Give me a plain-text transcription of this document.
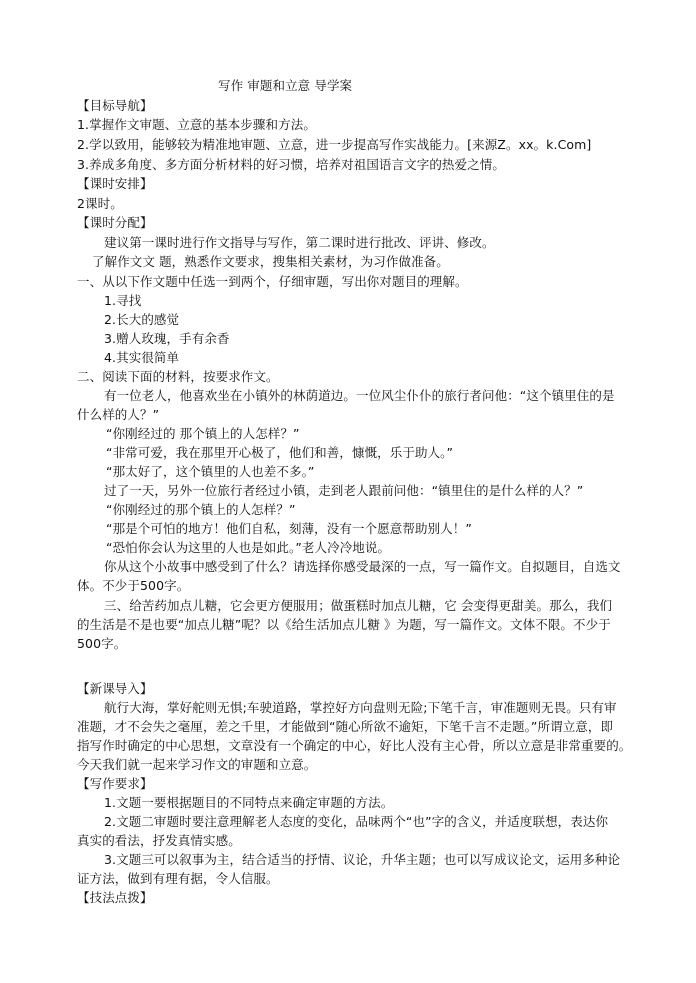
写作 审题和立意 导学案
【目标导航】
1.掌握作文审题、立意的基本步骤和方法。
2.学以致用，能够较为精准地审题、立意，进一步提高写作实战能力。[来源Z。xx。k.Com]
3.养成多角度、多方面分析材料的好习惯，培养对祖国语言文字的热爱之情。
【课时安排】
2课时。
【课时分配】
建议第一课时进行作文指导与写作，第二课时进行批改、评讲、修改。
了解作文文 题，熟悉作文要求，搜集相关素材，为习作做准备。
一、从以下作文题中任选一到两个，仔细审题，写出你对题目的理解。
1.寻找
2.长大的感觉
3.赠人玫瑰，手有余香
4.其实很简单
二、阅读下面的材料，按要求作文。
有一位老人，他喜欢坐在小镇外的林荫道边。一位风尘仆仆的旅行者问他：“这个镇里住的是
什么样的人？”
“你刚经过的 那个镇上的人怎样？”
“非常可爱，我在那里开心极了，他们和善，慷慨，乐于助人。”
“那太好了，这个镇里的人也差不多。”
过了一天，另外一位旅行者经过小镇，走到老人跟前问他：“镇里住的是什么样的人？”
“你刚经过的那个镇上的人怎样？”
“那是个可怕的地方！他们自私，刻薄，没有一个愿意帮助别人！”
“恐怕你会认为这里的人也是如此。”老人冷冷地说。
你从这个小故事中感受到了什么？请选择你感受最深的一点，写一篇作文。自拟题目，自选文
体。不少于500字。
三、给苦药加点儿糖，它会更方便服用；做蛋糕时加点儿糖，它 会变得更甜美。那么，我们
的生活是不是也要“加点儿糖”呢？以《给生活加点儿糖 》为题，写一篇作文。文体不限。不少于
500字。
【新课导入】
航行大海，掌好舵则无惧;车驶道路，掌控好方向盘则无险;下笔千言，审准题则无畏。只有审
准题，才不会失之毫厘，差之千里，才能做到“随心所欲不逾矩，下笔千言不走题。”所谓立意，即
指写作时确定的中心思想，文章没有一个确定的中心，好比人没有主心骨，所以立意是非常重要的。
今天我们就一起来学习作文的审题和立意。
【写作要求】
1.文题一要根据题目的不同特点来确定审题的方法。
2.文题二审题时要注意理解老人态度的变化，品味两个“也”字的含义，并适度联想，表达你
真实的看法，抒发真情实感。
3.文题三可以叙事为主，结合适当的抒情、议论，升华主题；也可以写成议论文，运用多种论
证方法，做到有理有据，令人信服。
【技法点拨】
